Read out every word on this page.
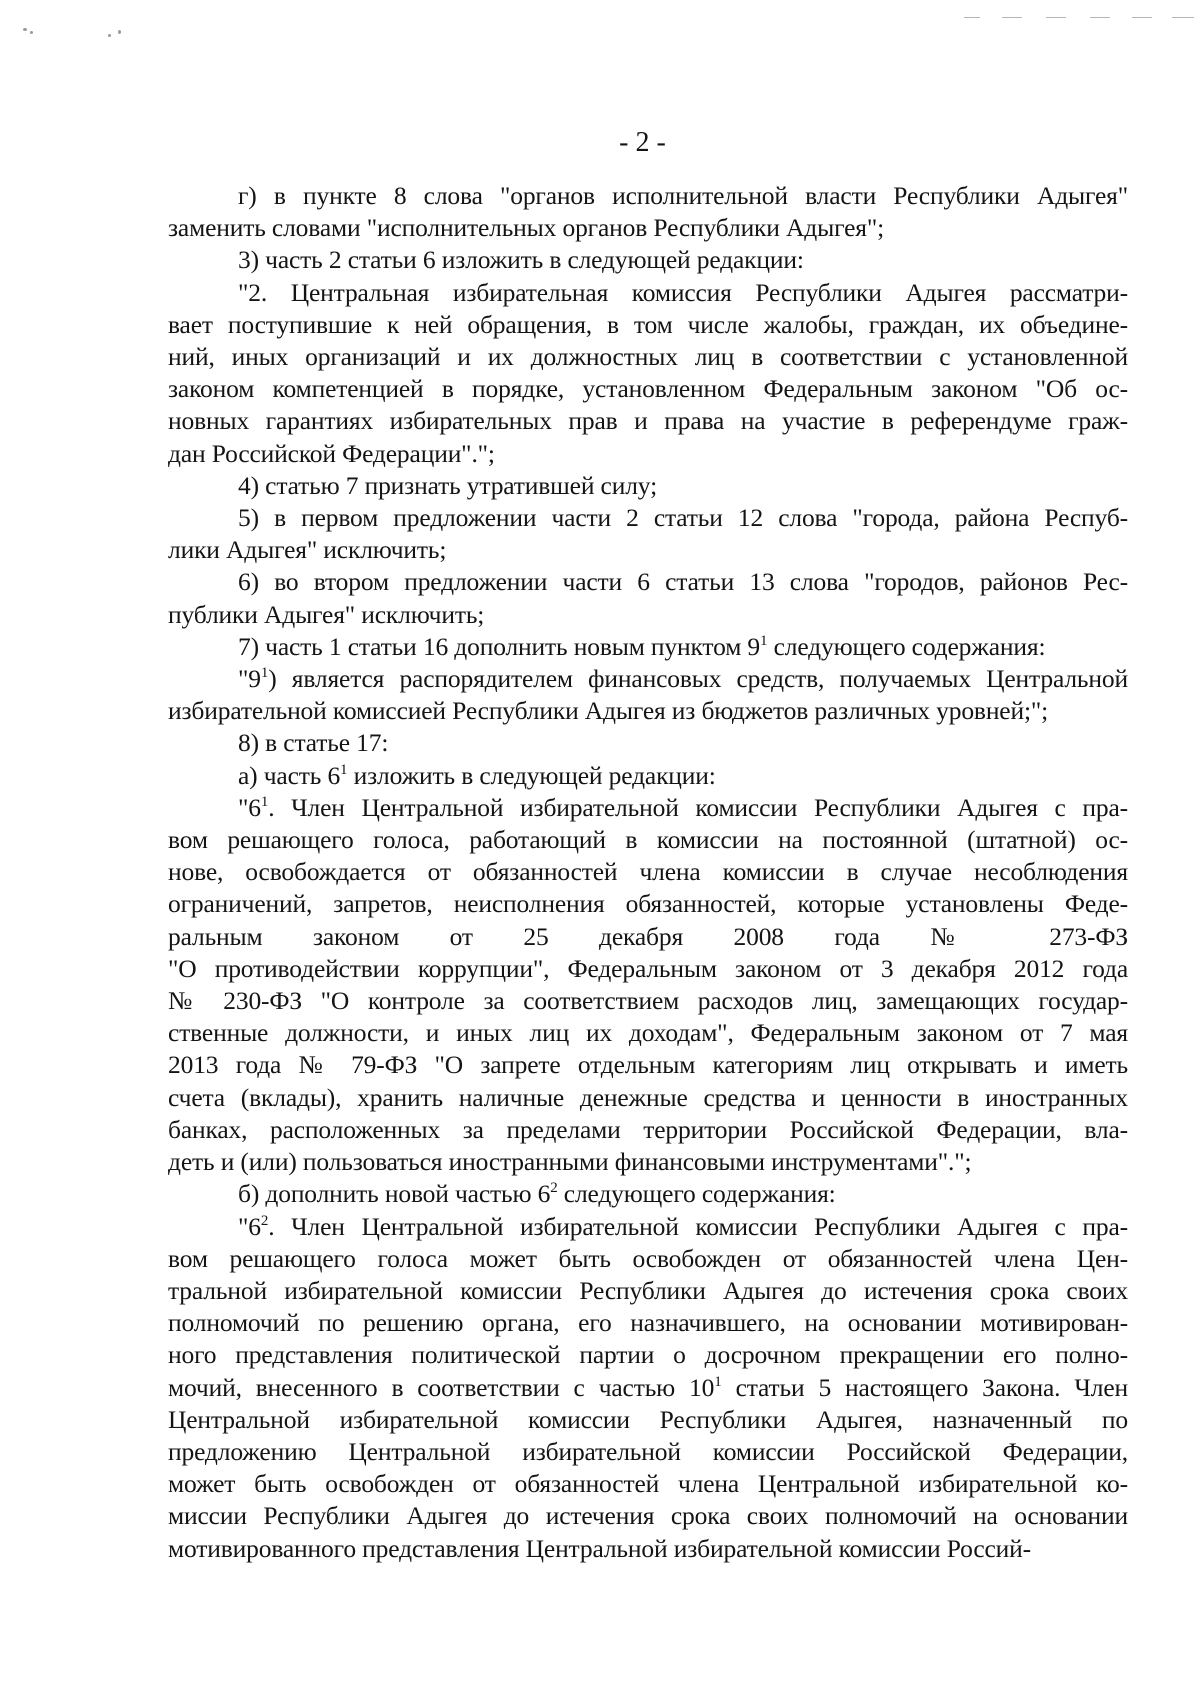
- 2 -
г) в пункте 8 слова "органов исполнительной власти Республики Адыгея"
заменить словами "исполнительных органов Республики Адыгея";
3) часть 2 статьи 6 изложить в следующей редакции:
"2. Центральная избирательная комиссия Республики Адыгея рассматри-
вает поступившие к ней обращения, в том числе жалобы, граждан, их объедине-
ний, иных организаций и их должностных лиц в соответствии с установленной
законом компетенцией в порядке, установленном Федеральным законом "Об ос-
новных гарантиях избирательных прав и права на участие в референдуме граж-
дан Российской Федерации".";
4) статью 7 признать утратившей силу;
5) в первом предложении части 2 статьи 12 слова "города, района Респуб-
лики Адыгея" исключить;
6) во втором предложении части 6 статьи 13 слова "городов, районов Рес-
публики Адыгея" исключить;
7) часть 1 статьи 16 дополнить новым пунктом $9^1$ следующего содержания:
"$9^1$) является распорядителем финансовых средств, получаемых Центральной
избирательной комиссией Республики Адыгея из бюджетов различных уровней;";
8) в статье 17:
а) часть $6^1$ изложить в следующей редакции:
"$6^1$. Член Центральной избирательной комиссии Республики Адыгея с пра-
вом решающего голоса, работающий в комиссии на постоянной (штатной) ос-
нове, освобождается от обязанностей члена комиссии в случае несоблюдения
ограничений, запретов, неисполнения обязанностей, которые установлены Феде-
ральным законом от 25 декабря 2008 года № 273-ФЗ
"О противодействии коррупции", Федеральным законом от 3 декабря 2012 года
№ 230-ФЗ "О контроле за соответствием расходов лиц, замещающих государ-
ственные должности, и иных лиц их доходам", Федеральным законом от 7 мая
2013 года № 79-ФЗ "О запрете отдельным категориям лиц открывать и иметь
счета (вклады), хранить наличные денежные средства и ценности в иностранных
банках, расположенных за пределами территории Российской Федерации, вла-
деть и (или) пользоваться иностранными финансовыми инструментами".";
б) дополнить новой частью $6^2$ следующего содержания:
"$6^2$. Член Центральной избирательной комиссии Республики Адыгея с пра-
вом решающего голоса может быть освобожден от обязанностей члена Цен-
тральной избирательной комиссии Республики Адыгея до истечения срока своих
полномочий по решению органа, его назначившего, на основании мотивирован-
ного представления политической партии о досрочном прекращении его полно-
мочий, внесенного в соответствии с частью $10^1$ статьи 5 настоящего Закона. Член
Центральной избирательной комиссии Республики Адыгея, назначенный по
предложению Центральной избирательной комиссии Российской Федерации,
может быть освобожден от обязанностей члена Центральной избирательной ко-
миссии Республики Адыгея до истечения срока своих полномочий на основании
мотивированного представления Центральной избирательной комиссии Россий-
